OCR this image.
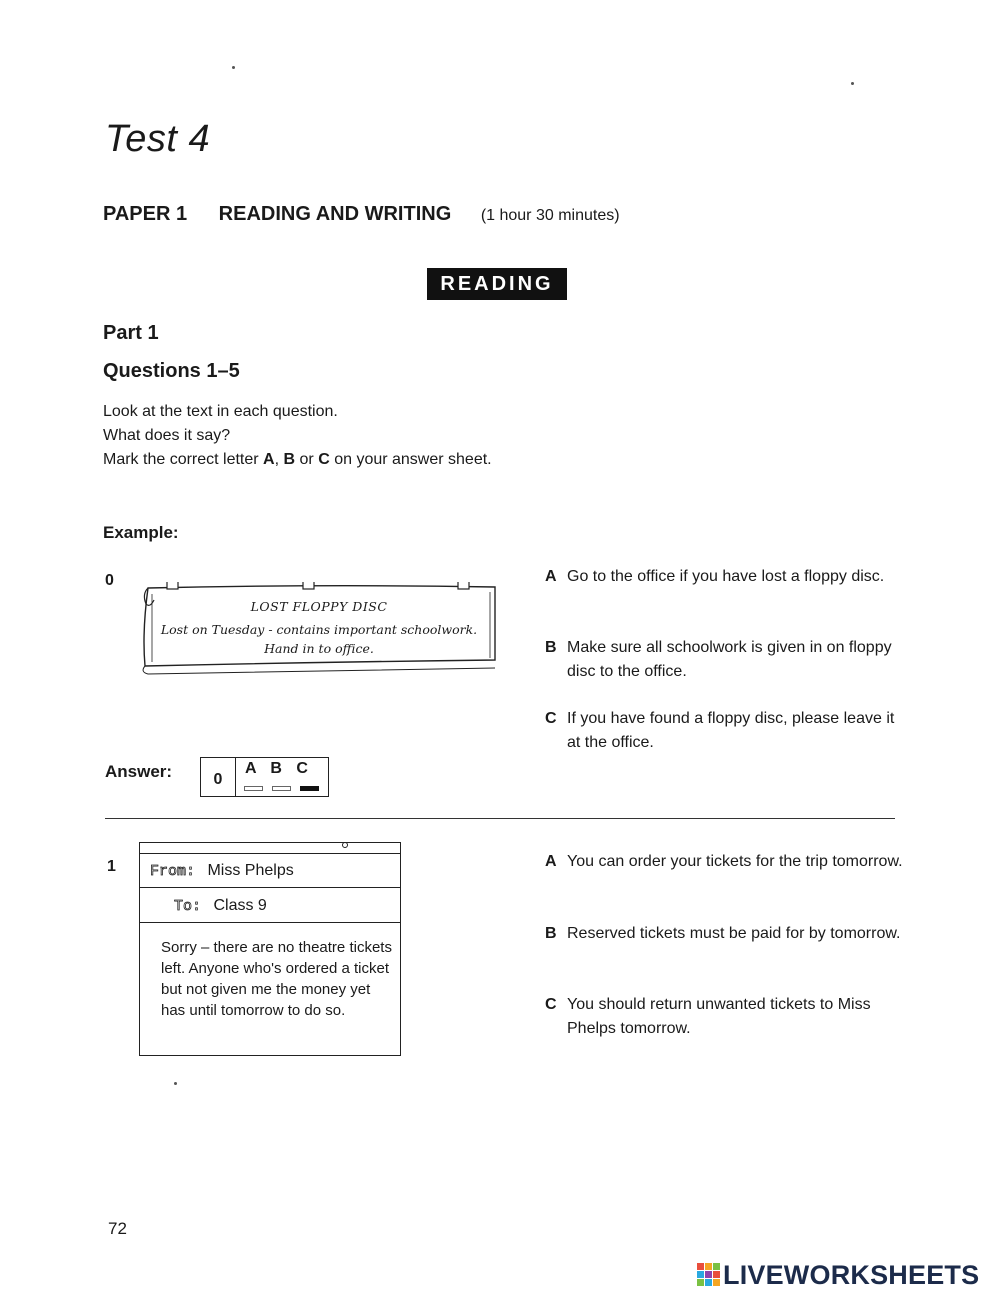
Test 4
PAPER 1 READING AND WRITING (1 hour 30 minutes)
READING
Part 1
Questions 1–5
Look at the text in each question.
What does it say?
Mark the correct letter A, B or C on your answer sheet.
Example:
0
LOST FLOPPY DISC
Lost on Tuesday - contains important schoolwork.
Hand in to office.
A Go to the office if you have lost a floppy disc.
B Make sure all schoolwork is given in on floppy disc to the office.
C If you have found a floppy disc, please leave it at the office.
Answer:	0
A B C
1	From: Miss Phelps
To: Class 9
Sorry – there are no theatre tickets left. Anyone who's ordered a ticket but not given me the money yet has until tomorrow to do so.
A You can order your tickets for the trip tomorrow.
B Reserved tickets must be paid for by tomorrow.
C You should return unwanted tickets to Miss Phelps tomorrow.
72
LIVEWORKSHEETS
